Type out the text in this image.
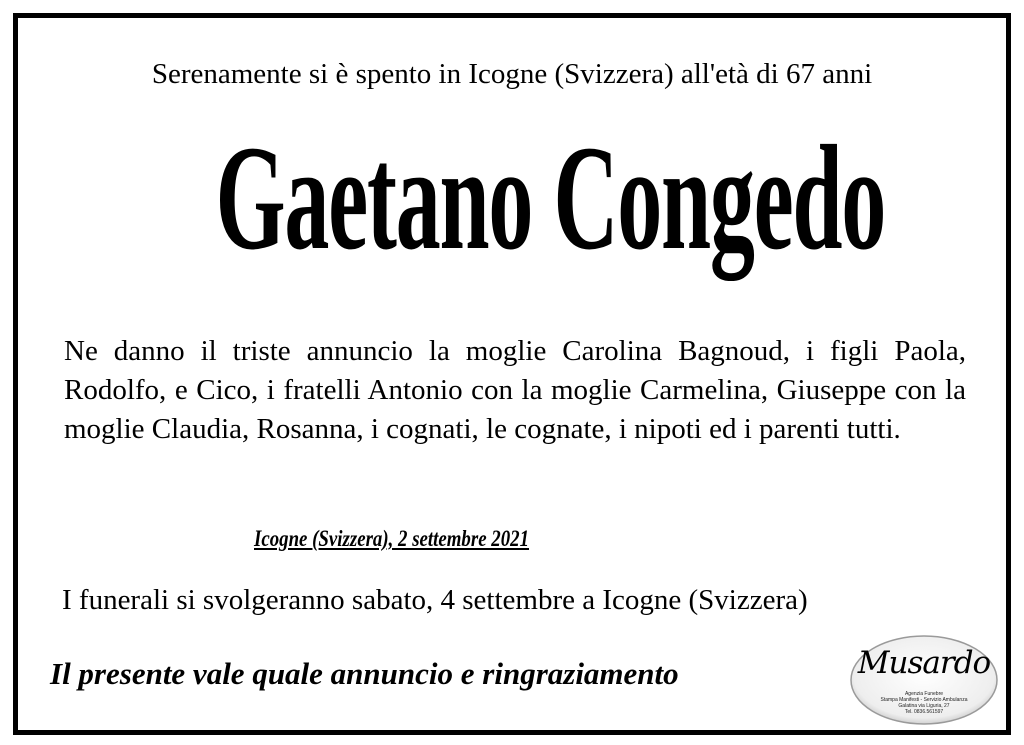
Serenamente si è spento in Icogne (Svizzera) all'età di 67 anni
Gaetano Congedo
Ne danno il triste annuncio la moglie Carolina Bagnoud, i figli Paola, Rodolfo, e Cico, i fratelli Antonio con la moglie Carmelina, Giuseppe con la moglie Claudia, Rosanna, i cognati, le cognate, i nipoti ed i parenti tutti.
Icogne (Svizzera), 2 settembre 2021
I funerali si svolgeranno sabato, 4 settembre a Icogne (Svizzera)
Il presente vale quale annuncio e ringraziamento	Musardo
Agenzia Funebre
Stampa Manifesti - Servizio Ambulanza
Galatina via Liguria, 27
Tel. 0836.561597
